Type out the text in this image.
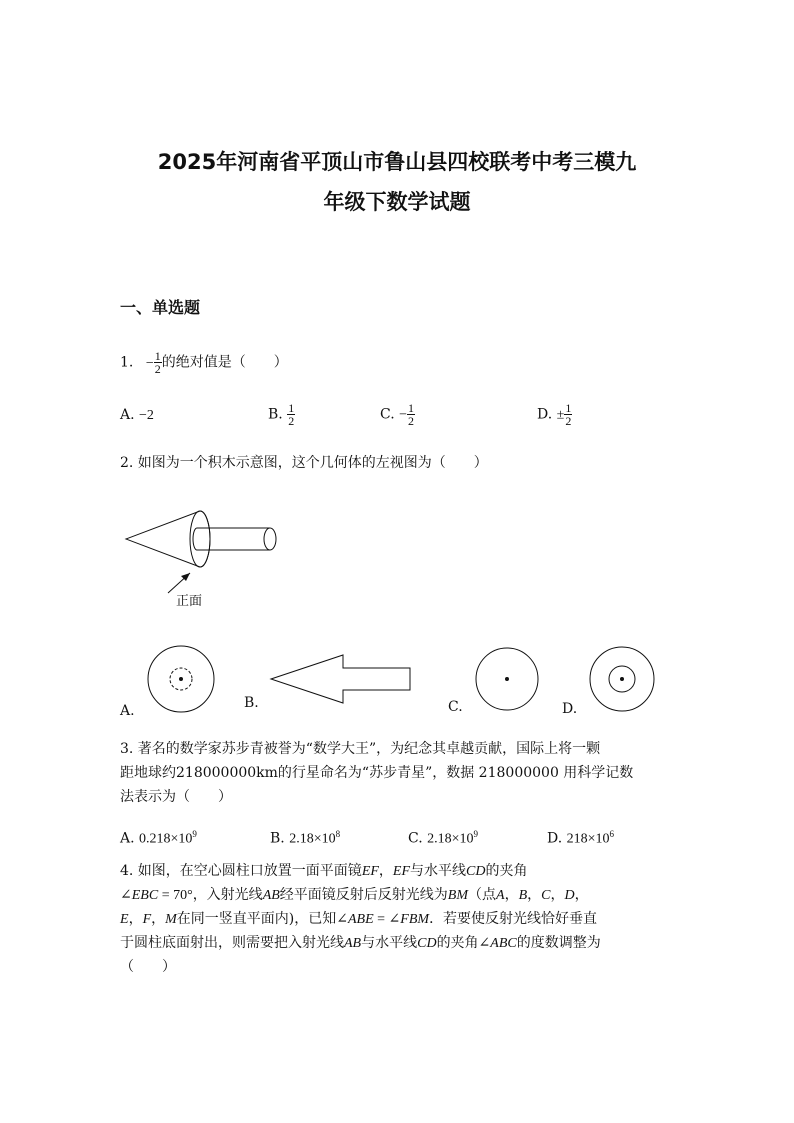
2025年河南省平顶山市鲁山县四校联考中考三模九
年级下数学试题
一、单选题
1. − $\frac{1}{2}$ 的绝对值是（　　）
A. −2	B. $\frac{1}{2}$	C. − $\frac{1}{2}$	D. ± $\frac{1}{2}$
2. 如图为一个积木示意图，这个几何体的左视图为（　　）
正面
A.	B.	C.	D.
3. 著名的数学家苏步青被誉为“数学大王”，为纪念其卓越贡献，国际上将一颗
距地球约218000000km的行星命名为“苏步青星”，数据 218000000 用科学记数
法表示为（　　）
A. $0.218\times 10^9$	B. $2.18\times 10^8$	C. $2.18\times 10^9$	D. $218\times 10^6$
4. 如图，在空心圆柱口放置一面平面镜EF，EF与水平线CD的夹角
∠EBC = 70°，入射光线AB经平面镜反射后反射光线为BM（点A，B，C，D，
E，F，M在同一竖直平面内)，已知∠ABE = ∠FBM．若要使反射光线恰好垂直
于圆柱底面射出，则需要把入射光线AB与水平线CD的夹角∠ABC的度数调整为
（　　）
